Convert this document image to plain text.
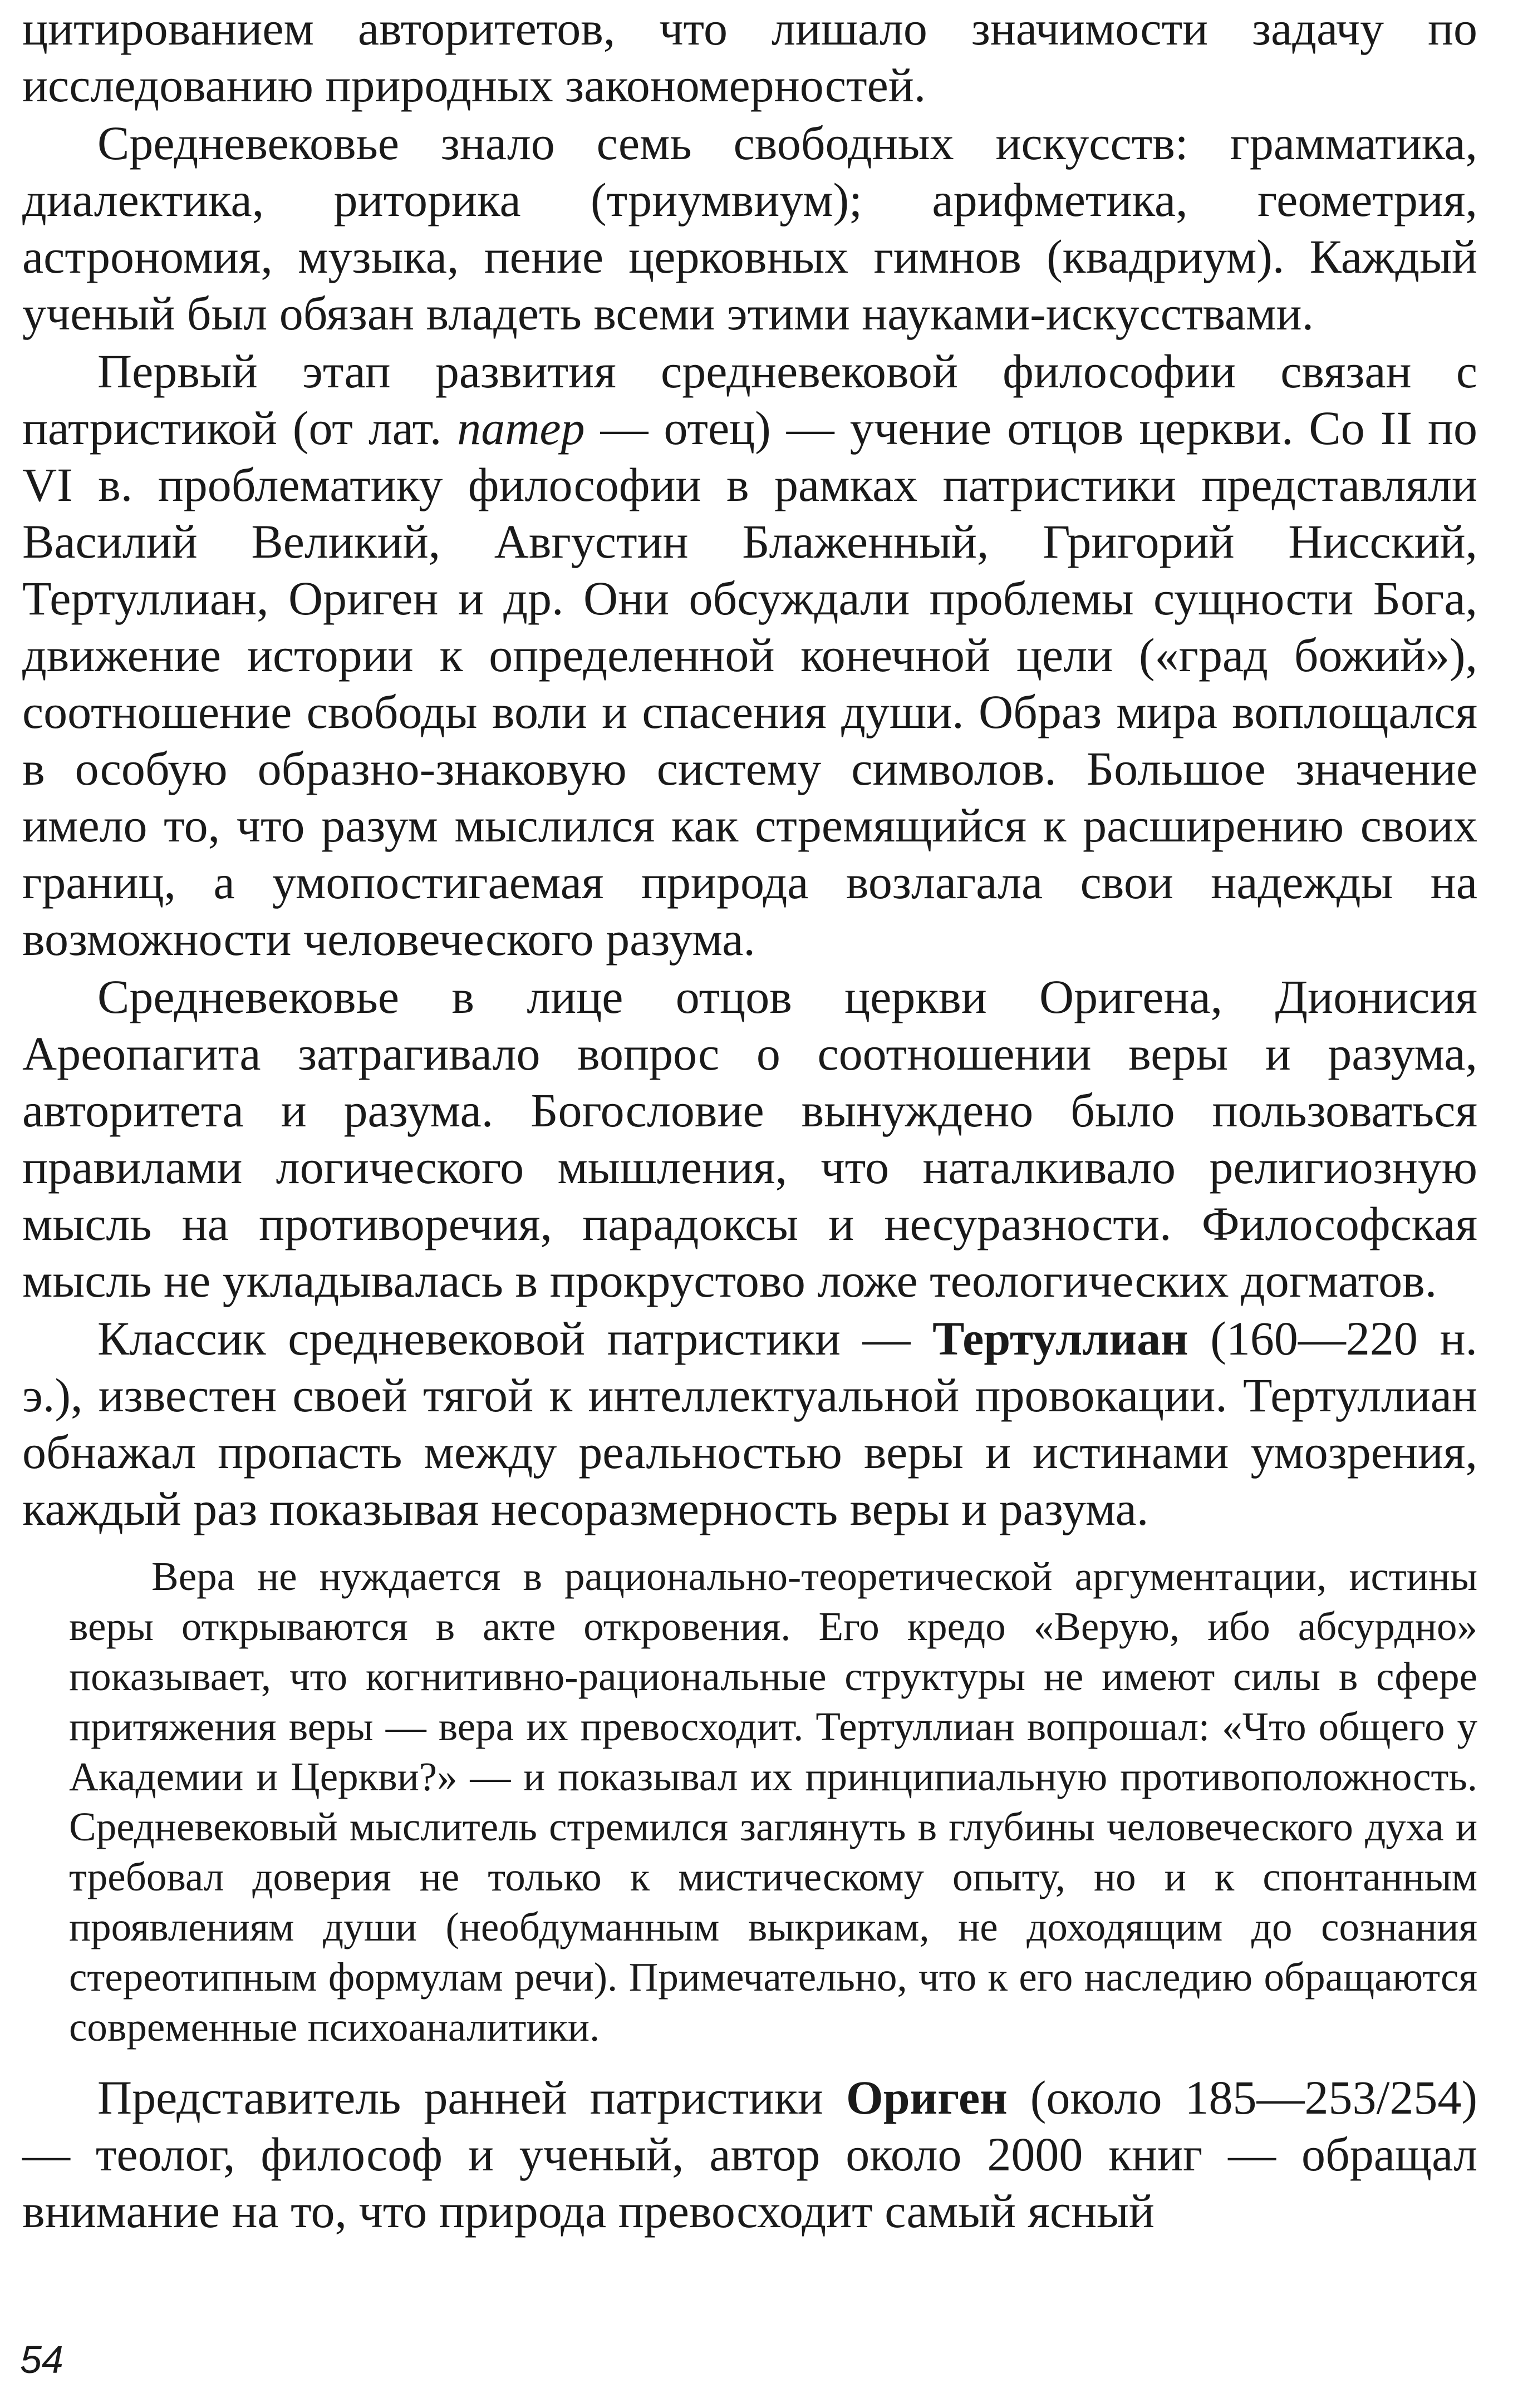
цитированием авторитетов, что лишало значимости задачу по исследованию природных закономерностей.

Средневековье знало семь свободных искусств: грамматика, диалектика, риторика (триумвиум); арифметика, геометрия, астрономия, музыка, пение церковных гимнов (квадриум). Каждый ученый был обязан владеть всеми этими науками-искусствами.

Первый этап развития средневековой философии связан с патристикой (от лат. патер — отец) — учение отцов церкви. Со II по VI в. проблематику философии в рамках патристики представляли Василий Великий, Августин Блаженный, Григорий Нисский, Тертуллиан, Ориген и др. Они обсуждали проблемы сущности Бога, движение истории к определенной конечной цели («град божий»), соотношение свободы воли и спасения души. Образ мира воплощался в особую образно-знаковую систему символов. Большое значение имело то, что разум мыслился как стремящийся к расширению своих границ, а умопостигаемая природа возлагала свои надежды на возможности человеческого разума.

Средневековье в лице отцов церкви Оригена, Дионисия Ареопагита затрагивало вопрос о соотношении веры и разума, авторитета и разума. Богословие вынуждено было пользоваться правилами логического мышления, что наталкивало религиозную мысль на противоречия, парадоксы и несуразности. Философская мысль не укладывалась в прокрустово ложе теологических догматов.

Классик средневековой патристики — Тертуллиан (160—220 н. э.), известен своей тягой к интеллектуальной провокации. Тертуллиан обнажал пропасть между реальностью веры и истинами умозрения, каждый раз показывая несоразмерность веры и разума.

Вера не нуждается в рационально-теоретической аргументации, истины веры открываются в акте откровения. Его кредо «Верую, ибо абсурдно» показывает, что когнитивно-рациональные структуры не имеют силы в сфере притяжения веры — вера их превосходит. Тертуллиан вопрошал: «Что общего у Академии и Церкви?» — и показывал их принципиальную противоположность. Средневековый мыслитель стремился заглянуть в глубины человеческого духа и требовал доверия не только к мистическому опыту, но и к спонтанным проявлениям души (необдуманным выкрикам, не доходящим до сознания стереотипным формулам речи). Примечательно, что к его наследию обращаются современные психоаналитики.

Представитель ранней патристики Ориген (около 185—253/254) — теолог, философ и ученый, автор около 2000 книг — обращал внимание на то, что природа превосходит самый ясный

54
